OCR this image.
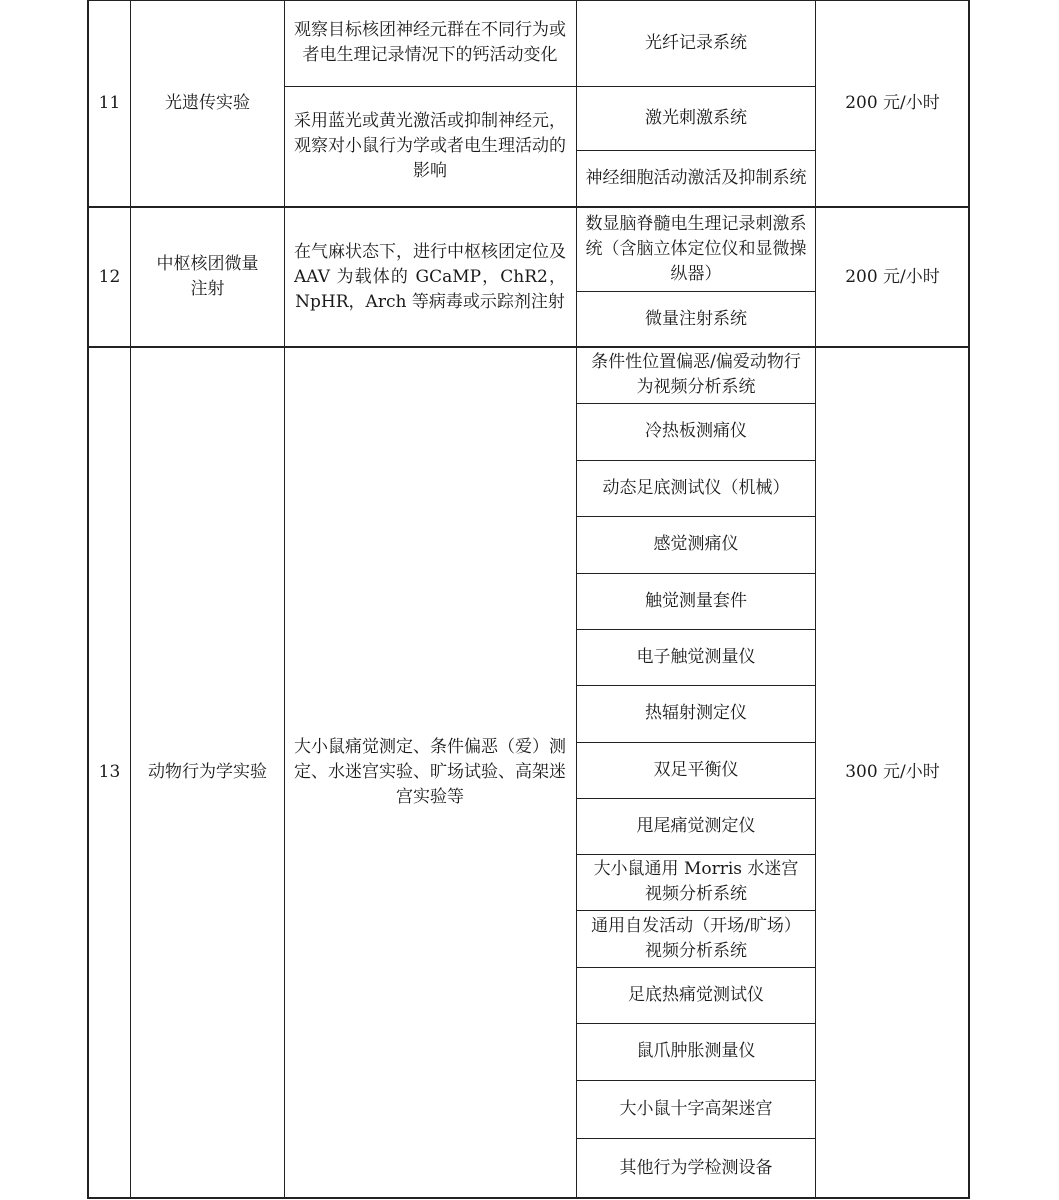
11	光遗传实验
观察目标核团神经元群在不同行为或者电生理记录情况下的钙活动变化
采用蓝光或黄光激活或抑制神经元，观察对小鼠行为学或者电生理活动的影响
光纤记录系统
激光刺激系统
神经细胞活动激活及抑制系统
200 元/小时
12
中枢核团微量注射
在气麻状态下，进行中枢核团定位及 AAV 为载体的 GCaMP，ChR2，NpHR，Arch 等病毒或示踪剂注射
数显脑脊髓电生理记录刺激系统（含脑立体定位仪和显微操纵器）
微量注射系统
200 元/小时
13	动物行为学实验
大小鼠痛觉测定、条件偏恶（爱）测定、水迷宫实验、旷场试验、高架迷宫实验等
条件性位置偏恶/偏爱动物行为视频分析系统
冷热板测痛仪
动态足底测试仪（机械）
感觉测痛仪
触觉测量套件
电子触觉测量仪
热辐射测定仪
双足平衡仪
甩尾痛觉测定仪
大小鼠通用 Morris 水迷宫视频分析系统
通用自发活动（开场/旷场）视频分析系统
足底热痛觉测试仪
鼠爪肿胀测量仪
大小鼠十字高架迷宫
其他行为学检测设备
300 元/小时
